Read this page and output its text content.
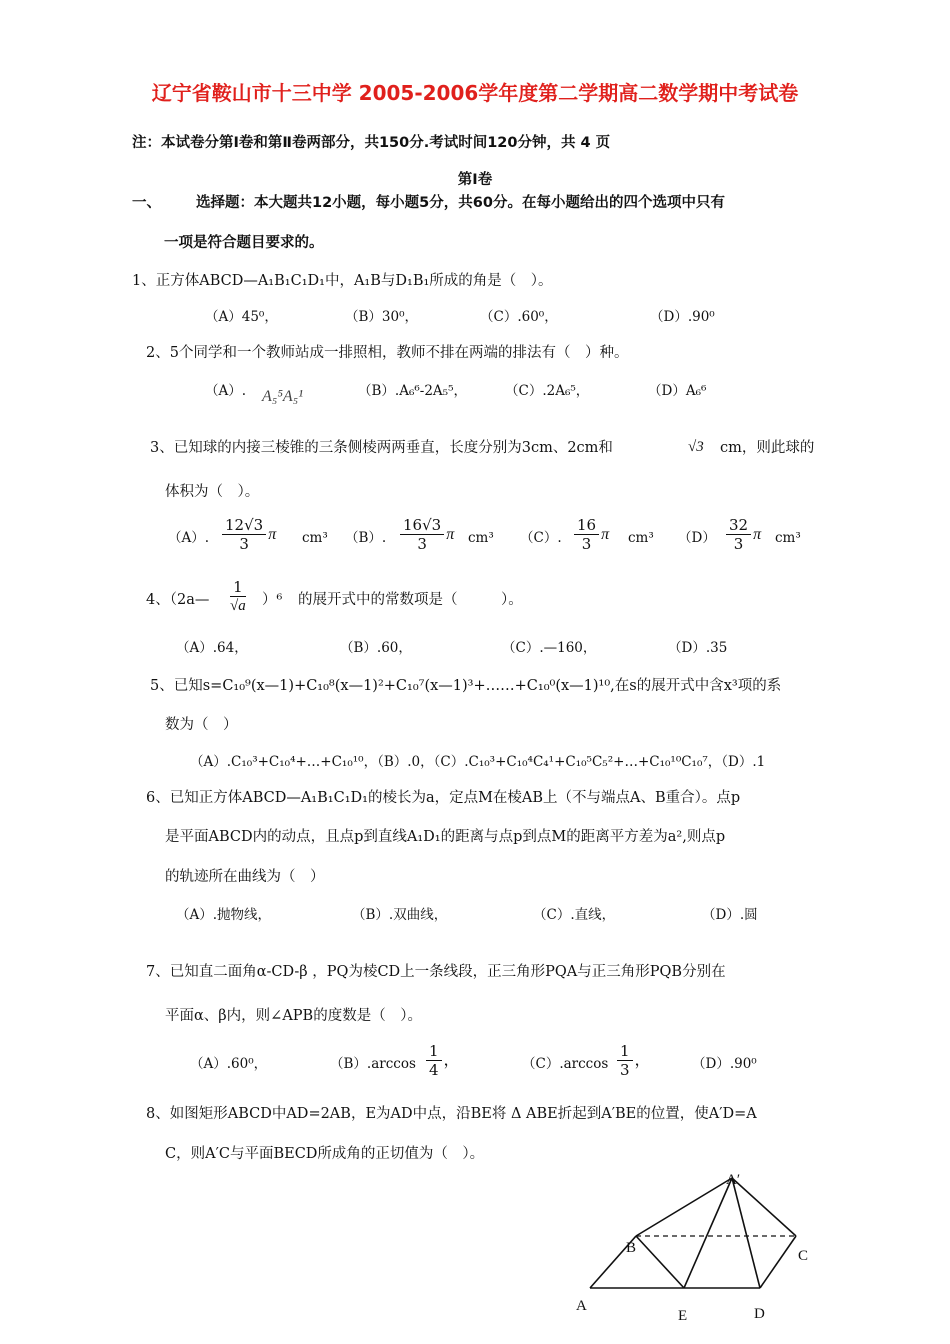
辽宁省鞍山市十三中学 2005-2006学年度第二学期高二数学期中考试卷
注：本试卷分第Ⅰ卷和第Ⅱ卷两部分，共150分.考试时间120分钟，共 4 页
第Ⅰ卷
一、 选择题：本大题共12小题，每小题5分，共60分。在每小题给出的四个选项中只有
一项是符合题目要求的。
1、正方体ABCD—A₁B₁C₁D₁中，A₁B与D₁B₁所成的角是（　）。
（A）45⁰，	（B）30⁰，	（C）.60⁰，	（D）.90⁰
2、5个同学和一个教师站成一排照相，教师不排在两端的排法有（　）种。
（A）. A₅⁵A₅¹	（B）.A₆⁶-2A₅⁵，	（C）.2A₆⁵，	（D）A₆⁶
3、已知球的内接三棱锥的三条侧棱两两垂直，长度分别为3cm、2cm和	√3 cm，则此球的
体积为（　）。
（A）. $\frac{12√3}{3}$ π cm³ （B）. $\frac{16√3}{3}$ π cm³ （C）. $\frac{16}{3}$ π cm³ $(D) \frac{32}{3}$ π cm³
4、（2a— $\frac{1}{√a} )^6$ 的展开式中的常数项是（　　　）。
（A）.64，	（B）.60，	（C）.—160，	（D）.35
5、已知s=C₁₀⁹(x—1)+C₁₀⁸(x—1)²+C₁₀⁷(x—1)³+……+C₁₀⁰(x—1)¹⁰,在s的展开式中含x³项的系
数为（　）
（A）.C₁₀³+C₁₀⁴+…+C₁₀¹⁰，（B）.0，（C）.C₁₀³+C₁₀⁴C₄¹+C₁₀⁵C₅²+…+C₁₀¹⁰C₁₀⁷，（D）.1
6、已知正方体ABCD—A₁B₁C₁D₁的棱长为a，定点M在棱AB上（不与端点A、B重合）。点p
是平面ABCD内的动点，且点p到直线A₁D₁的距离与点p到点M的距离平方差为a²,则点p
的轨迹所在曲线为（　）
（A）.抛物线，	（B）.双曲线，	（C）.直线，	（D）.圆
7、已知直二面角α-CD-β ，PQ为棱CD上一条线段，正三角形PQA与正三角形PQB分别在
平面α、β内，则∠APB的度数是（　）。
（A）.60⁰，	$(B).\arccos \frac{1}{4}$ ，	$(C).\arccos \frac{1}{3}$ ，	（D）.90⁰
8、如图矩形ABCD中AD=2AB，E为AD中点，沿BE将 Δ ABE折起到A′BE的位置，使A′D=A
C，则A′C与平面BECD所成角的正切值为（　）。
A′
B	C
A
E	D
